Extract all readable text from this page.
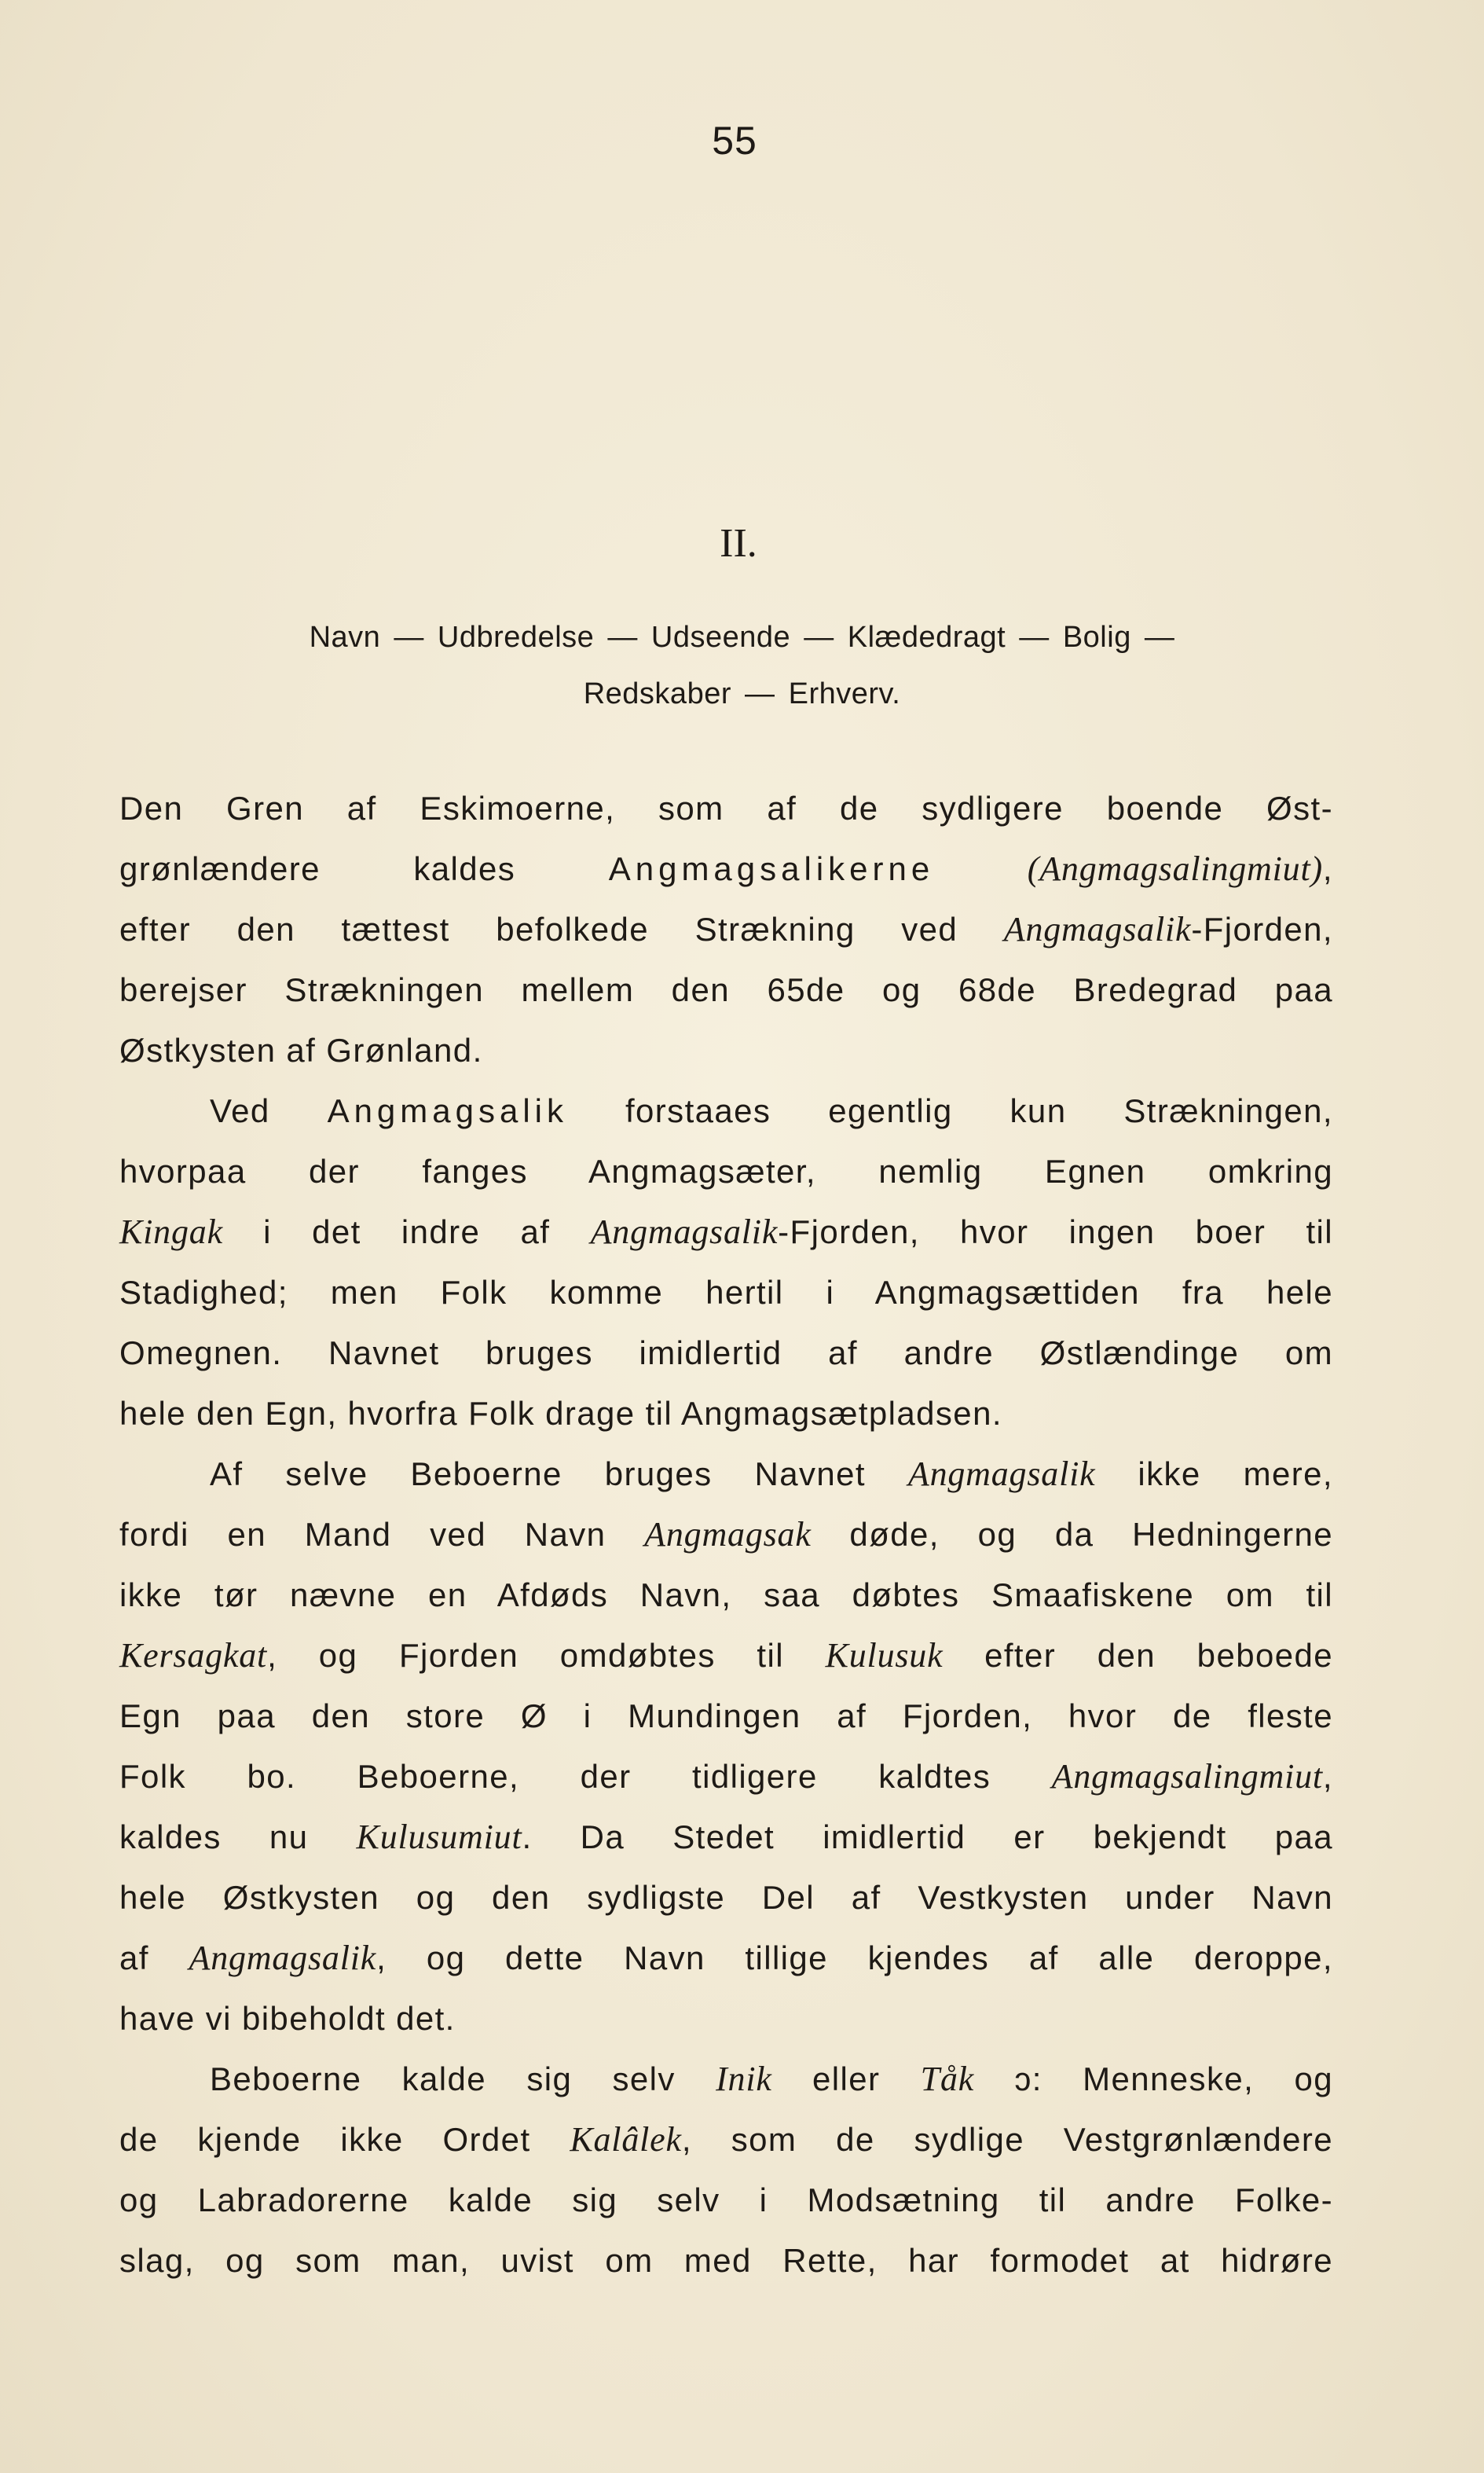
55
II.
Navn — Udbredelse — Udseende — Klædedragt — Bolig —
Redskaber — Erhverv.
Den Gren af Eskimoerne, som af de sydligere boende Øst-
grønlændere kaldes Angmagsalikerne	(Angmagsalingmiut),
efter den tættest befolkede Strækning ved Angmagsalik-Fjorden,
berejser Strækningen mellem den 65de og 68de Bredegrad paa
Østkysten af Grønland.
Ved Angmagsalik forstaaes egentlig kun Strækningen,
hvorpaa der fanges Angmagsæter, nemlig Egnen omkring
Kingak i det indre af Angmagsalik-Fjorden, hvor ingen boer til
Stadighed; men Folk komme hertil i Angmagsættiden fra hele
Omegnen. Navnet bruges imidlertid af andre Østlændinge om
hele den Egn, hvorfra Folk drage til Angmagsætpladsen.
Af selve Beboerne bruges Navnet Angmagsalik ikke mere,
fordi en Mand ved Navn Angmagsak døde, og da Hedningerne
ikke tør nævne en Afdøds Navn, saa døbtes Smaafiskene om til
Kersagkat, og Fjorden omdøbtes til Kulusuk efter den beboede
Egn paa den store Ø i Mundingen af Fjorden, hvor de fleste
Folk bo. Beboerne, der tidligere kaldtes Angmagsalingmiut,
kaldes nu Kulusumiut. Da Stedet imidlertid er bekjendt paa
hele Østkysten og den sydligste Del af Vestkysten under Navn
af Angmagsalik, og dette Navn tillige kjendes af alle deroppe,
have vi bibeholdt det.
Beboerne kalde sig selv Inik eller Tåk ɔ: Menneske, og
de kjende ikke Ordet Kalâlek, som de sydlige Vestgrønlændere
og Labradorerne kalde sig selv i Modsætning til andre Folke-
slag, og som man, uvist om med Rette, har formodet at hidrøre
